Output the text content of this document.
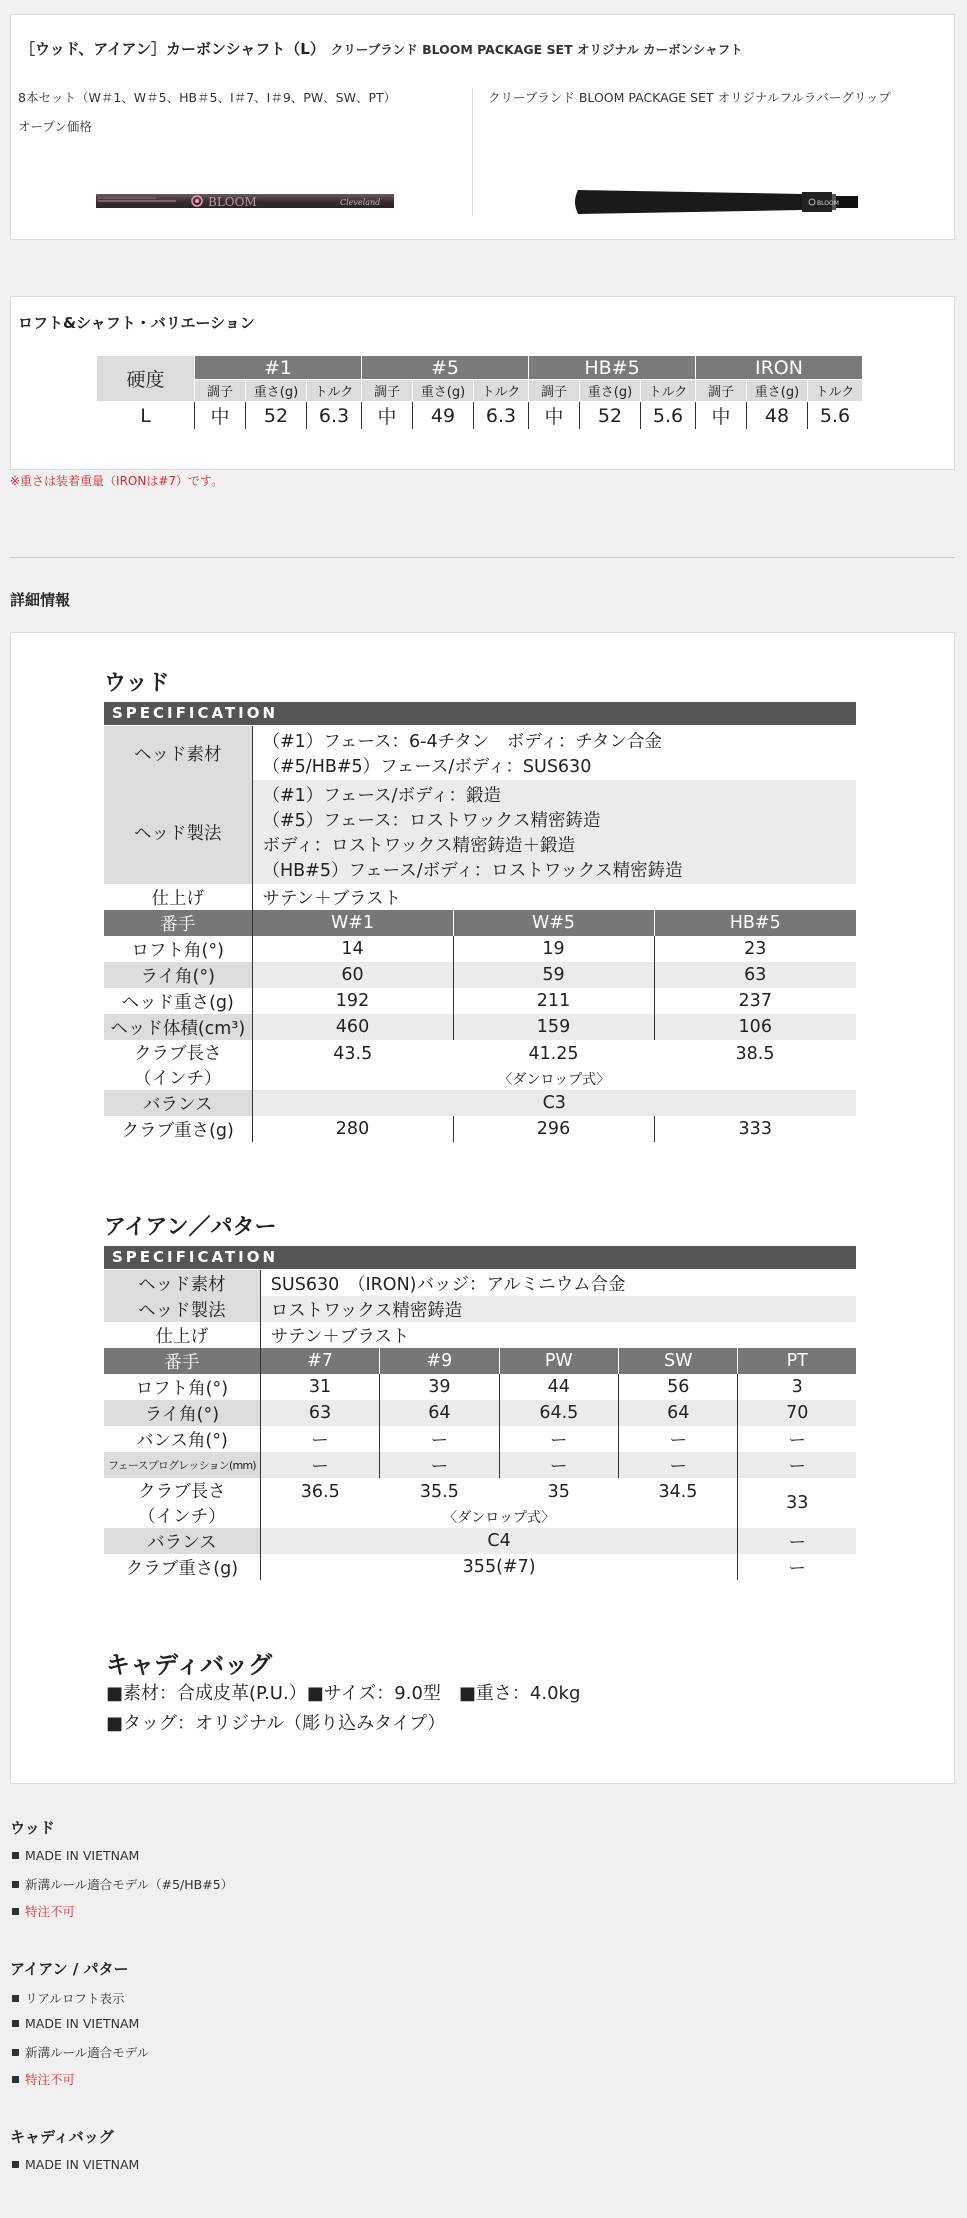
［ウッド、アイアン］カーボンシャフト（L） クリーブランド BLOOM PACKAGE SET オリジナル カーボンシャフト
8本セット（W＃1、W＃5、HB＃5、I＃7、I＃9、PW、SW、PT）
オープン価格
クリーブランド BLOOM PACKAGE SET オリジナルフルラバーグリップ
BLOOM	Cleveland	BLOOM
ロフト&シャフト・バリエーション
硬度	#1			#5			HB#5			IRON		
	調子	重さ(g)	トルク	調子	重さ(g)	トルク	調子	重さ(g)	トルク	調子	重さ(g)	トルク
L	中	52	6.3	中	49	6.3	中	52	5.6	中	48	5.6
※重さは装着重量（IRONは#7）です。
詳細情報
ウッド
SPECIFICATION
ヘッド素材	（#1）フェース：6-4チタン　ボディ：チタン合金
（#5/HB#5）フェース/ボディ：SUS630		

ヘッド製法	（#1）フェース/ボディ：鍛造
（#5）フェース：ロストワックス精密鋳造
ボディ：ロストワックス精密鋳造＋鍛造
（HB#5）フェース/ボディ：ロストワックス精密鋳造		

仕上げ	サテン＋ブラスト		
番手	W#1	W#5	HB#5
ロフト角(°)	14	19	23
ライ角(°)	60	59	63
ヘッド重さ(g)	192	211	237
ヘッド体積(cm³)	460	159	106

クラブ長さ
（インチ）	43.5	41.25	38.5
	〈ダンロップ式〉		
バランス	C3		
クラブ重さ(g)	280	296	333
アイアン／パター
SPECIFICATION
ヘッド素材	SUS630　（IRON)バッジ：アルミニウム合金				
ヘッド製法	ロストワックス精密鋳造				
仕上げ	サテン＋ブラスト				
番手	#7	#9	PW	SW	PT
ロフト角(°)	31	39	44	56	3
ライ角(°)	63	64	64.5	64	70
バンス角(°)	ー	ー	ー	ー	ー
フェースプログレッション(mm)	ー	ー	ー	ー	ー

クラブ長さ
（インチ）	36.5	35.5	35	34.5	33
	〈ダンロップ式〉				
バランス	C4				ー
クラブ重さ(g)	355(#7)				ー
キャディバッグ
■素材：合成皮革(P.U.）■サイズ：9.0型　■重さ：4.0kg
■タッグ：オリジナル（彫り込みタイプ）
ウッド
MADE IN VIETNAM
新溝ルール適合モデル（#5/HB#5）
特注不可
アイアン / パター
リアルロフト表示
MADE IN VIETNAM
新溝ルール適合モデル
特注不可
キャディバッグ
MADE IN VIETNAM
